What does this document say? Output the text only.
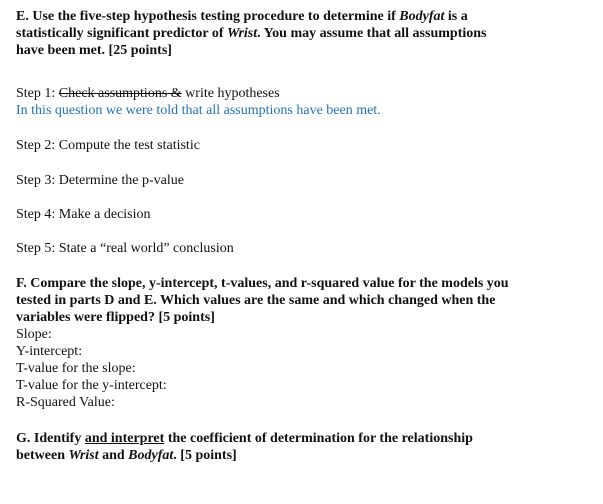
E. Use the five-step hypothesis testing procedure to determine if Bodyfat is a
statistically significant predictor of Wrist. You may assume that all assumptions
have been met. [25 points]
Step 1: Check assumptions & write hypotheses
In this question we were told that all assumptions have been met.
Step 2: Compute the test statistic
Step 3: Determine the p-value
Step 4: Make a decision
Step 5: State a “real world” conclusion
F. Compare the slope, y-intercept, t-values, and r-squared value for the models you
tested in parts D and E. Which values are the same and which changed when the
variables were flipped? [5 points]
Slope:
Y-intercept:
T-value for the slope:
T-value for the y-intercept:
R-Squared Value:
G. Identify and interpret the coefficient of determination for the relationship
between Wrist and Bodyfat. [5 points]
